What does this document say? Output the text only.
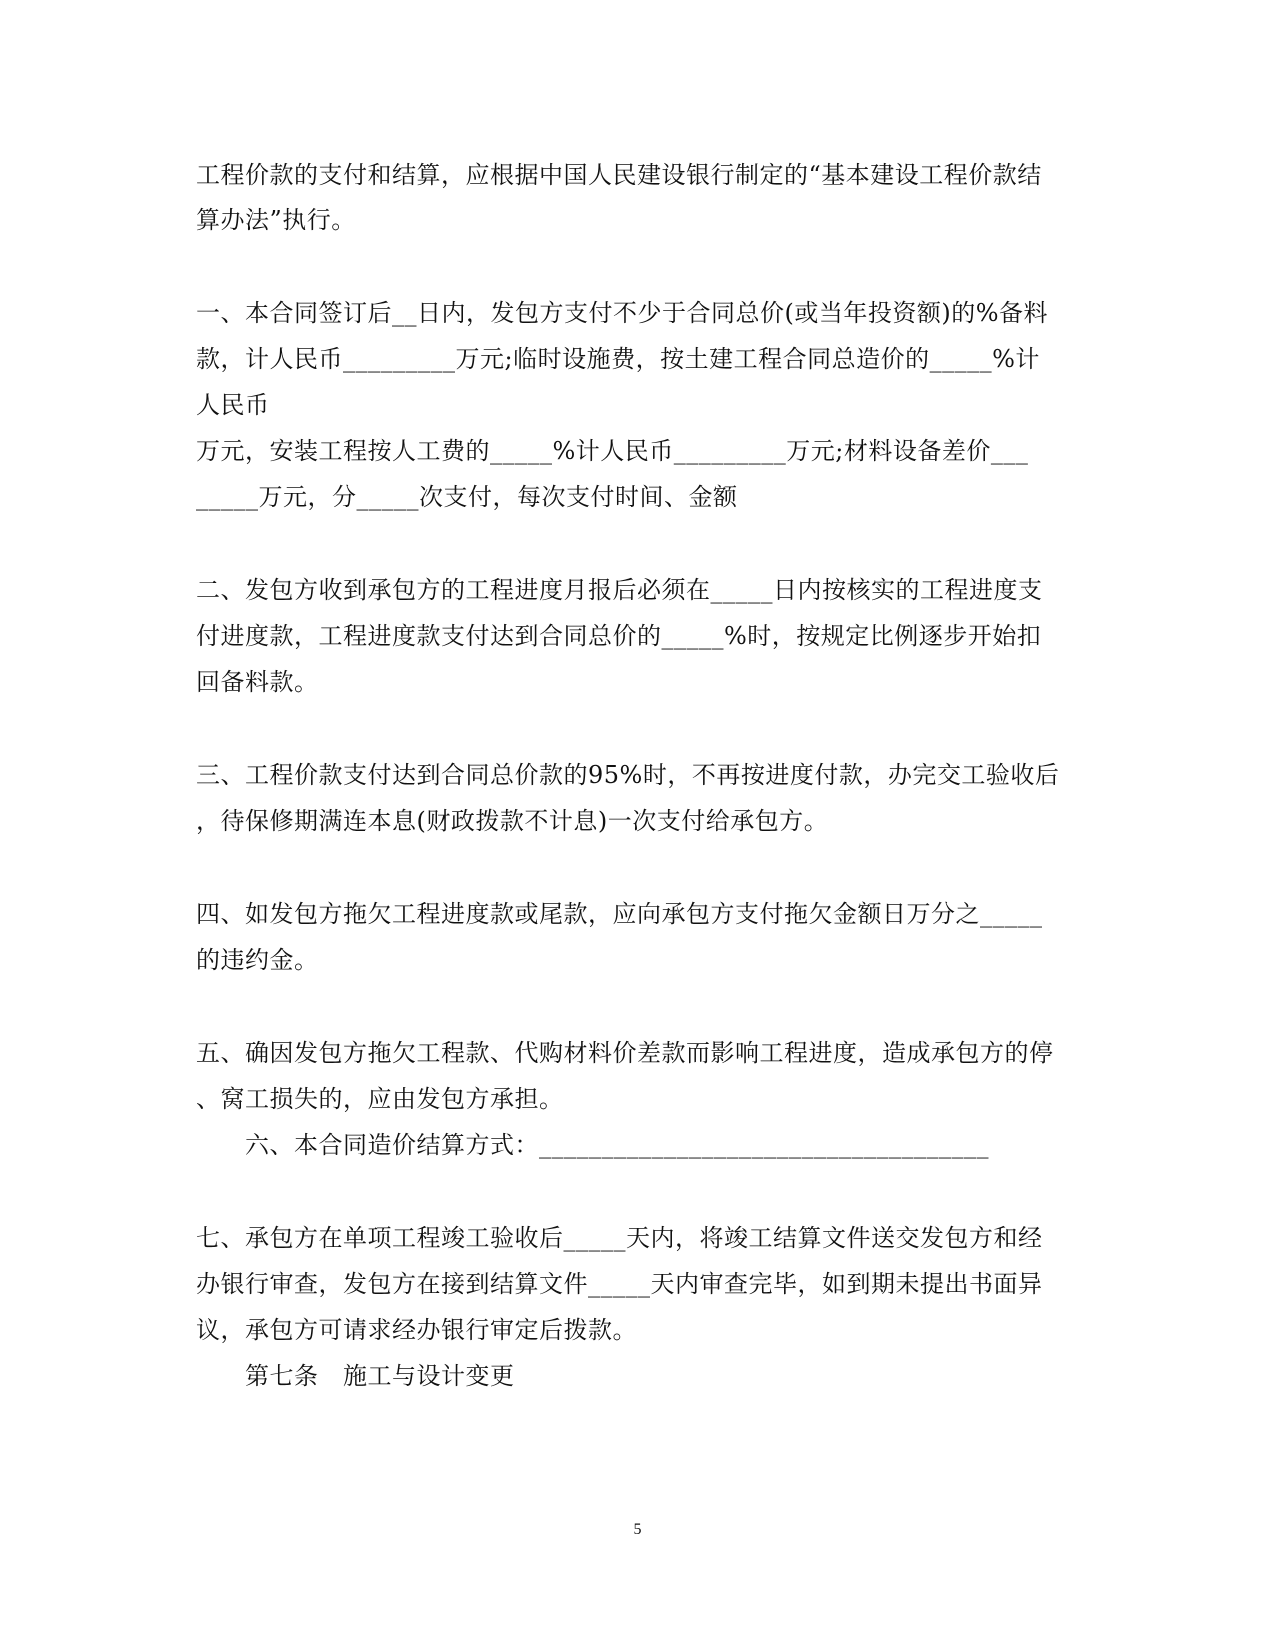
工程价款的支付和结算，应根据中国人民建设银行制定的“基本建设工程价款结
算办法”执行。
一、本合同签订后__日内，发包方支付不少于合同总价(或当年投资额)的%备料
款，计人民币_________万元;临时设施费，按土建工程合同总造价的_____%计
人民币
万元，安装工程按人工费的_____%计人民币_________万元;材料设备差价___
_____万元，分_____次支付，每次支付时间、金额
二、发包方收到承包方的工程进度月报后必须在_____日内按核实的工程进度支
付进度款，工程进度款支付达到合同总价的_____%时，按规定比例逐步开始扣
回备料款。
三、工程价款支付达到合同总价款的95%时，不再按进度付款，办完交工验收后
，待保修期满连本息(财政拨款不计息)一次支付给承包方。
四、如发包方拖欠工程进度款或尾款，应向承包方支付拖欠金额日万分之_____
的违约金。
五、确因发包方拖欠工程款、代购材料价差款而影响工程进度，造成承包方的停
、窝工损失的，应由发包方承担。
六、本合同造价结算方式：____________________________________
七、承包方在单项工程竣工验收后_____天内，将竣工结算文件送交发包方和经
办银行审查，发包方在接到结算文件_____天内审查完毕，如到期未提出书面异
议，承包方可请求经办银行审定后拨款。
第七条　施工与设计变更
5
